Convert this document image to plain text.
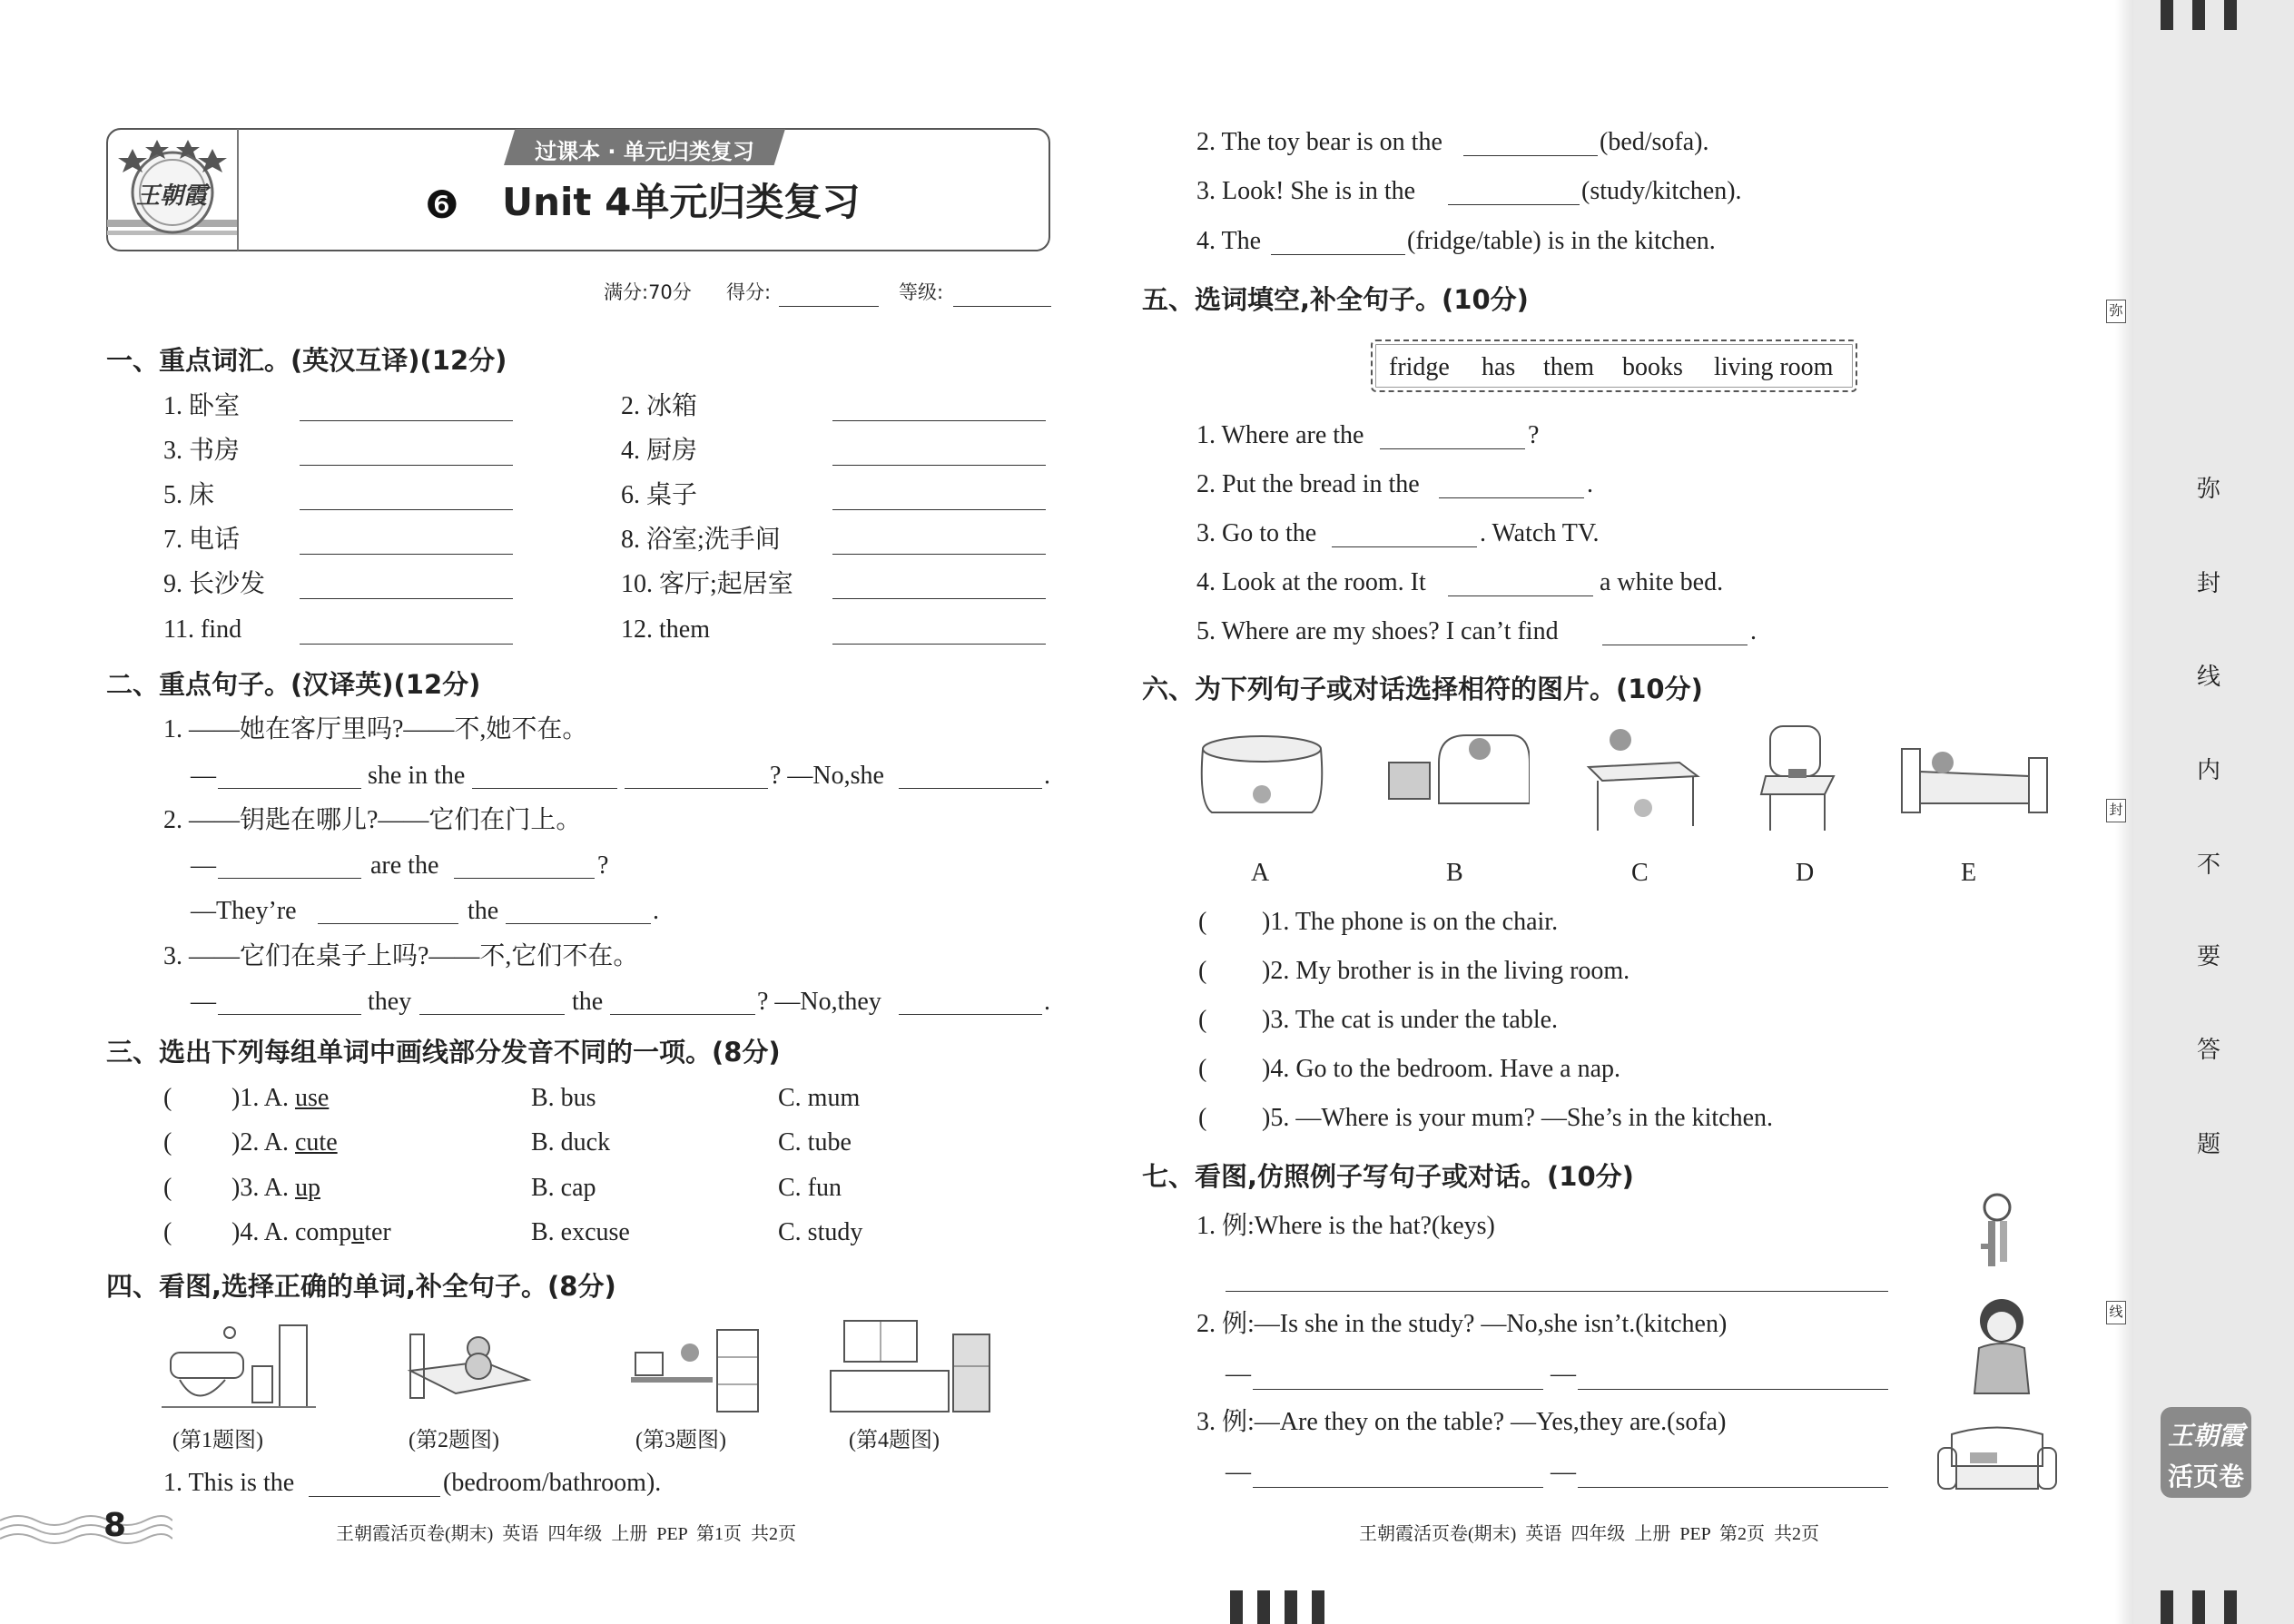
王朝霞
过课本 · 单元归类复习
❻ Unit 4单元归类复习
满分:70分 得分:	等级:
一、重点词汇。(英汉互译)(12分)
1. 卧室	2. 冰箱
3. 书房	4. 厨房
5. 床	6. 桌子
7. 电话	8. 浴室;洗手间
9. 长沙发	10. 客厅;起居室
11. find	12. them
二、重点句子。(汉译英)(12分)
1. ——她在客厅里吗?——不,她不在。
—	she in the	? —No,she	.
2. ——钥匙在哪儿?——它们在门上。
—	are the	?
—They’re	the	.
3. ——它们在桌子上吗?——不,它们不在。
—	they	the	? —No,they	.
三、选出下列每组单词中画线部分发音不同的一项。(8分)
( )1. A. use	B. bus	C. mum
( )2. A. cute	B. duck	C. tube
( )3. A. up	B. cap	C. fun
( )4. A. computer	B. excuse	C. study
四、看图,选择正确的单词,补全句子。(8分)
(第1题图)	(第2题图)	(第3题图)	(第4题图)
1. This is the	(bedroom/bathroom).
2. The toy bear is on the	(bed/sofa).
3. Look! She is in the	(study/kitchen).
4. The	(fridge/table) is in the kitchen.
五、选词填空,补全句子。(10分)
fridge has them books living room
1. Where are the	?
2. Put the bread in the	.
3. Go to the	. Watch TV.
4. Look at the room. It	a white bed.
5. Where are my shoes? I can’t find	.
六、为下列句子或对话选择相符的图片。(10分)
A	B	C	D	E
( )1. The phone is on the chair.
( )2. My brother is in the living room.
( )3. The cat is under the table.
( )4. Go to the bedroom. Have a nap.
( )5. —Where is your mum? —She’s in the kitchen.
七、看图,仿照例子写句子或对话。(10分)
1. 例:Where is the hat?(keys)
2. 例:—Is she in the study? —No,she isn’t.(kitchen)
—	—
3. 例:—Are they on the table? —Yes,they are.(sofa)
—	—
8	王朝霞活页卷(期末)  英语  四年级  上册  PEP  第1页  共2页	王朝霞活页卷(期末)  英语  四年级  上册  PEP  第2页  共2页
弥
封
线
弥
封
线
内
不
要
答
题
王朝霞
活页卷
